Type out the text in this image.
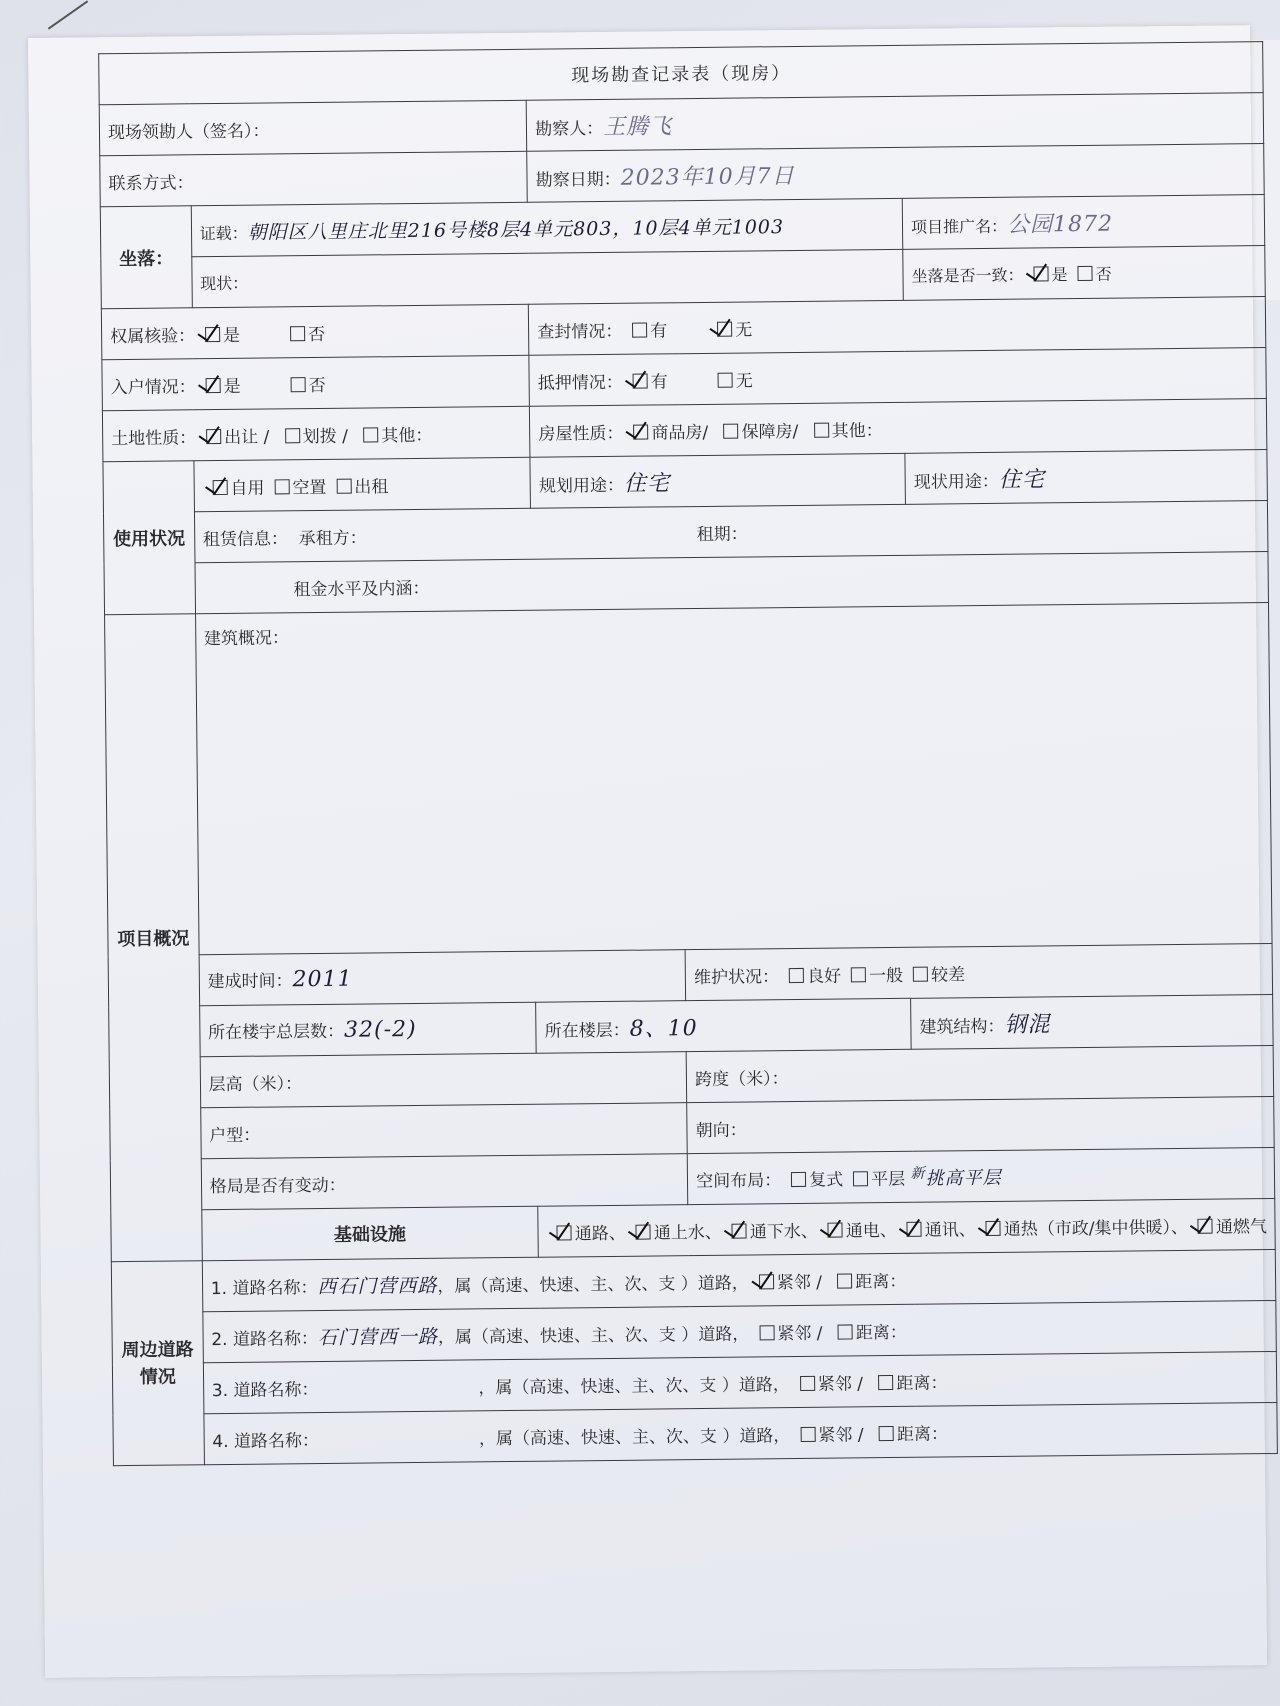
现场勘查记录表（现房）				
现场领勘人（签名）：		勘察人：王腾飞		
联系方式：		勘察日期：2023年10月7日		
坐落：	证载：朝阳区八里庄北里216号楼8层4单元803，10层4单元1003			项目推广名：公园1872
	现状：			坐落是否一致： 是 否
权属核验： 是 否		查封情况： 有 无		
入户情况： 是 否		抵押情况： 有 无		
土地性质： 出让 / 划拨 / 其他：		房屋性质： 商品房/ 保障房/ 其他：		
使用状况	自用 空置 出租	规划用途：住宅		现状用途：住宅
	租赁信息： 承租方： 租期：			
	租金水平及内涵：			
项目概况	建筑概况：			
	建成时间：2011		维护状况： 良好 一般 较差	
	所在楼宇总层数：32(-2)	所在楼层：8、10		建筑结构：钢混
	层高（米）：		跨度（米）：	
	户型：		朝向：	
	格局是否有变动：		空间布局： 复式 平层 $^新$挑高平层	
	基础设施	通路、 通上水、 通下水、 通电、 通讯、 通热（市政/集中供暖）、 通燃气		
周边道路情况	1. 道路名称：西石门营西路，属（高速、快速、主、次、支 ）道路， 紧邻 / 距离：			
	2. 道路名称：石门营西一路，属（高速、快速、主、次、支 ）道路， 紧邻 / 距离：			
	3. 道路名称： ，属（高速、快速、主、次、支 ）道路， 紧邻 / 距离：			
	4. 道路名称： ，属（高速、快速、主、次、支 ）道路， 紧邻 / 距离：			
